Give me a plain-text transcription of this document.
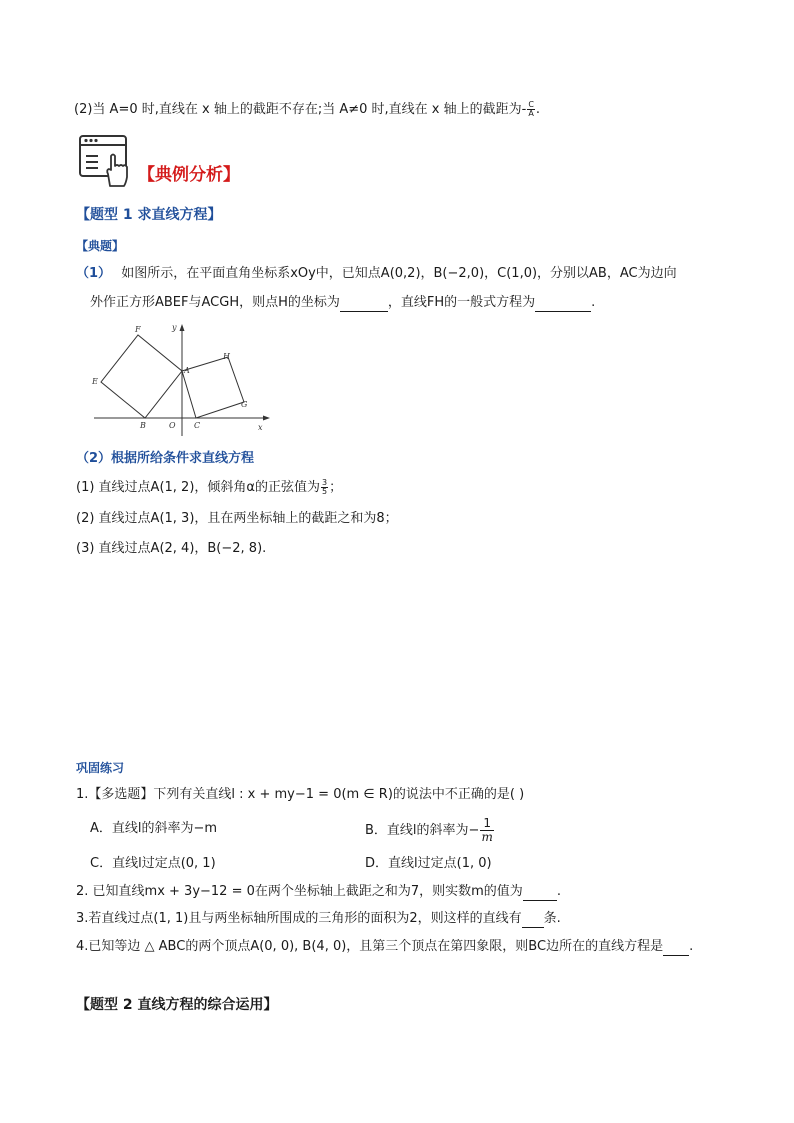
(2)当 A=0 时,直线在 x 轴上的截距不存在;当 A≠0 时,直线在 x 轴上的截距为- $\frac{C}{A}$ .
【典例分析】
【题型 1 求直线方程】
【典题】
（1） 如图所示，在平面直角坐标系xOy中，已知点A(0,2)，B(−2,0)，C(1,0)，分别以AB，AC为边向
外作正方形ABEF与ACGH，则点H的坐标为	，直线FH的一般式方程为	.
F
E
B	O C
A
H
G
x
y
（2）根据所给条件求直线方程
(1) 直线过点A(1, 2)，倾斜角α的正弦值为 $\frac{3}{5}$ ；
(2) 直线过点A(1, 3)，且在两坐标轴上的截距之和为8；
(3) 直线过点A(2, 4)，B(−2, 8).
巩固练习
1.【多选题】下列有关直线l : x + my−1 = 0(m ∈ R)的说法中不正确的是( )
A．直线l的斜率为−m	B．直线l的斜率为− $\frac{1}{m}$
C．直线l过定点(0, 1)	D．直线l过定点(1, 0)
2. 已知直线mx + 3y−12 = 0在两个坐标轴上截距之和为7，则实数m的值为	.
3.若直线过点(1, 1)且与两坐标轴所围成的三角形的面积为2，则这样的直线有 条.
4.已知等边 △ ABC的两个顶点A(0, 0), B(4, 0)，且第三个顶点在第四象限，则BC边所在的直线方程是 .
【题型 2 直线方程的综合运用】
